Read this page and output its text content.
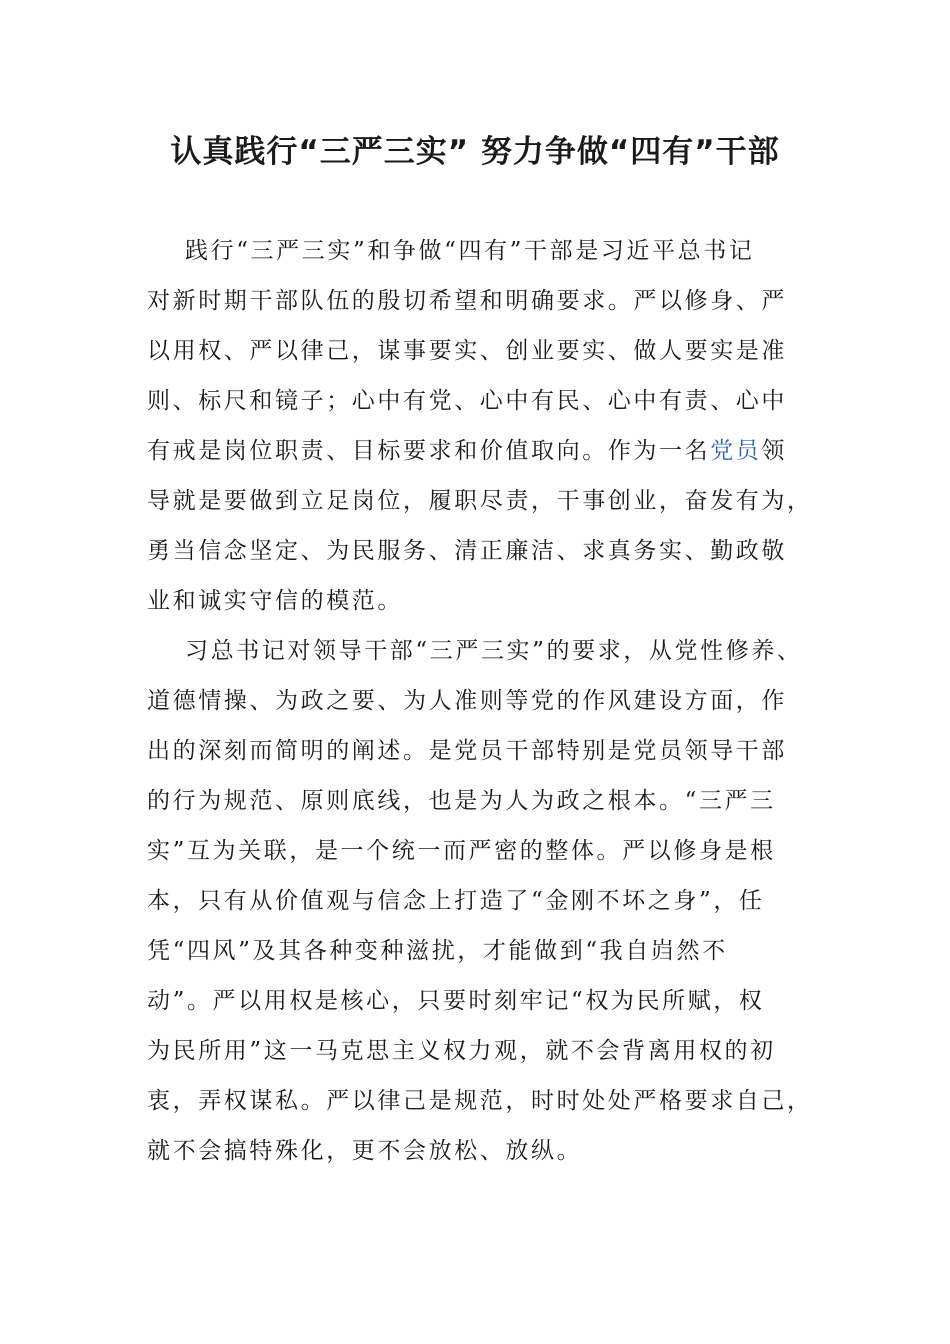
认真践行“三严三实” 努力争做“四有”干部
践行“三严三实”和争做“四有”干部是习近平总书记
对新时期干部队伍的殷切希望和明确要求。严以修身、严
以用权、严以律己，谋事要实、创业要实、做人要实是准
则、标尺和镜子；心中有党、心中有民、心中有责、心中
有戒是岗位职责、目标要求和价值取向。作为一名党员领
导就是要做到立足岗位，履职尽责，干事创业，奋发有为，
勇当信念坚定、为民服务、清正廉洁、求真务实、勤政敬
业和诚实守信的模范。
习总书记对领导干部“三严三实”的要求，从党性修养、
道德情操、为政之要、为人准则等党的作风建设方面，作
出的深刻而简明的阐述。是党员干部特别是党员领导干部
的行为规范、原则底线，也是为人为政之根本。“三严三
实”互为关联，是一个统一而严密的整体。严以修身是根
本，只有从价值观与信念上打造了“金刚不坏之身”，任
凭“四风”及其各种变种滋扰，才能做到“我自岿然不
动”。严以用权是核心，只要时刻牢记“权为民所赋，权
为民所用”这一马克思主义权力观，就不会背离用权的初
衷，弄权谋私。严以律己是规范，时时处处严格要求自己，
就不会搞特殊化，更不会放松、放纵。
